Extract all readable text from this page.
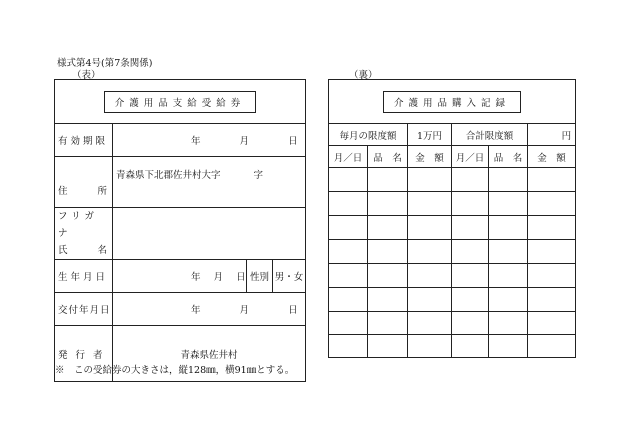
様式第4号(第7条関係)
（表）	（裏）
介護用品支給受給券			
有効期限	年 月 日		

住 所	青森県下北郡佐井村大字 字		

フリガナ
氏 名			

生年月日	年 月 日	性別	男・女
交付年月日	年 月 日		
発行者	青森県佐井村		
介護用品購入記録					
毎月の限度額		1万円	合計限度額		円
月／日	品　名	金　額	月／日	品　名	金　額

※　この受給券の大きさは，縦128㎜，横91㎜とする。
